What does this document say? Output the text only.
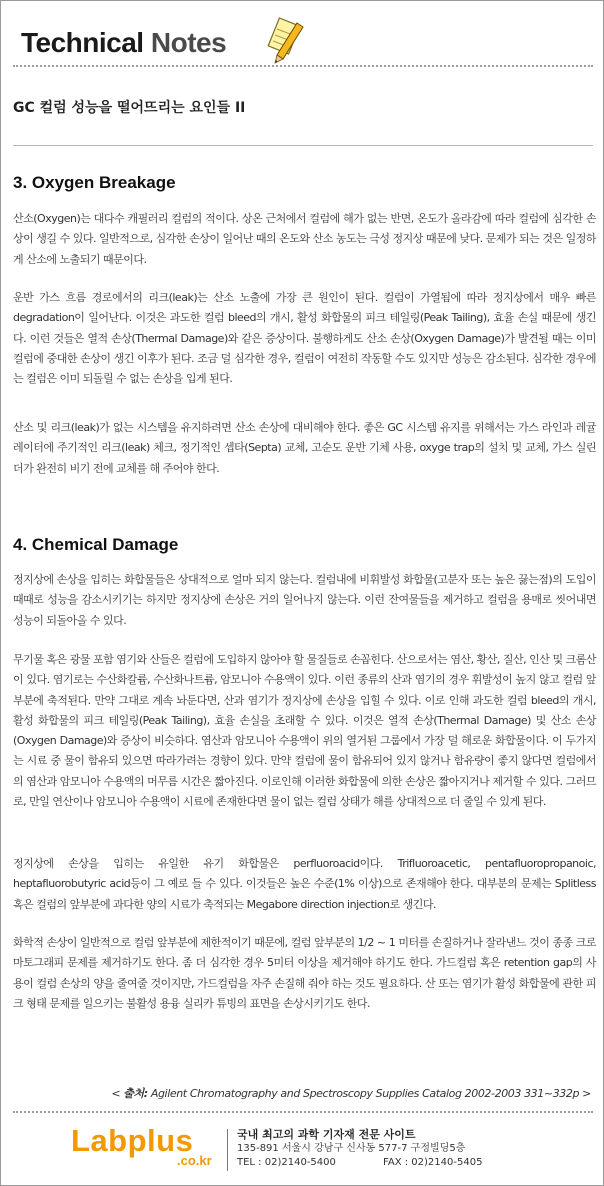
Technical Notes
GC 컬럼 성능을 떨어뜨리는 요인들 II
3. Oxygen Breakage

산소(Oxygen)는 대다수 캐필러리 컬럼의 적이다. 상온 근처에서 컬럼에 해가 없는 반면, 온도가 올라감에 따라 컬럼에 심각한 손상이 생길 수 있다. 일반적으로, 심각한 손상이 일어난 때의 온도와 산소 농도는 극성 정지상 때문에 낮다. 문제가 되는 것은 일정하게 산소에 노출되기 때문이다.

운반 가스 흐름 경로에서의 리크(leak)는 산소 노출에 가장 큰 원인이 된다. 컬럼이 가열됨에 따라 정지상에서 매우 빠른 degradation이 일어난다. 이것은 과도한 컬럼 bleed의 개시, 활성 화합물의 피크 테일링(Peak Tailing), 효율 손실 때문에 생긴다. 이런 것들은 열적 손상(Thermal Damage)와 같은 증상이다. 불행하게도 산소 손상(Oxygen Damage)가 발견될 때는 이미 컬럼에 중대한 손상이 생긴 이후가 된다. 조금 덜 심각한 경우, 컬럼이 여전히 작동할 수도 있지만 성능은 감소된다. 심각한 경우에는 컬럼은 이미 되돌릴 수 없는 손상을 입게 된다.

산소 및 리크(leak)가 없는 시스템을 유지하려면 산소 손상에 대비해야 한다. 좋은 GC 시스템 유지를 위해서는 가스 라인과 레귤레이터에 주기적인 리크(leak) 체크, 정기적인 셉타(Septa) 교체, 고순도 운반 기체 사용, oxyge trap의 설치 및 교체, 가스 실린더가 완전히 비기 전에 교체를 해 주어야 한다.

4. Chemical Damage

정지상에 손상을 입히는 화합물들은 상대적으로 얼마 되지 않는다. 컬럼내에 비휘발성 화합물(고분자 또는 높은 끓는점)의 도입이 때때로 성능을 감소시키기는 하지만 정지상에 손상은 거의 일어나지 않는다. 이런 잔여물들을 제거하고 컬럼을 용매로 씻어내면 성능이 되돌아올 수 있다.

무기물 혹은 광물 포함 염기와 산들은 컬럼에 도입하지 않아야 할 물질들로 손꼽힌다. 산으로서는 염산, 황산, 질산, 인산 및 크롬산이 있다. 염기로는 수산화칼륨, 수산화나트륨, 암모니아 수용액이 있다. 이런 종류의 산과 염기의 경우 휘발성이 높지 않고 컬럼 앞부분에 축적된다. 만약 그대로 계속 놔둔다면, 산과 염기가 정지상에 손상을 입힐 수 있다. 이로 인해 과도한 컬럼 bleed의 개시, 활성 화합물의 피크 테일링(Peak Tailing), 효율 손실을 초래할 수 있다. 이것은 열적 손상(Thermal Damage) 및 산소 손상(Oxygen Damage)와 증상이 비슷하다. 염산과 암모니아 수용액이 위의 열거된 그룹에서 가장 덜 해로운 화합물이다. 이 두가지는 시료 중 물이 함유되 있으면 따라가려는 경향이 있다. 만약 컬럼에 물이 함유되어 있지 않거나 함유량이 좋지 않다면 컬럼에서의 염산과 암모니아 수용액의 머무름 시간은 짧아진다. 이로인해 이러한 화합물에 의한 손상은 짧아지거나 제거할 수 있다. 그러므로, 만일 연산이나 암모니아 수용액이 시료에 존재한다면 물이 없는 컬럼 상태가 해를 상대적으로 더 줄일 수 있게 된다.

정지상에 손상을 입히는 유일한 유기 화합물은 perfluoroacid이다. Trifluoroacetic, pentafluoropropanoic, heptafluorobutyric acid등이 그 예로 들 수 있다. 이것들은 높은 수준(1% 이상)으로 존재해야 한다. 대부분의 문제는 Splitless 혹은 컬럼의 앞부분에 과다한 양의 시료가 축적되는 Megabore direction injection로 생긴다.

화학적 손상이 일반적으로 컬럼 앞부분에 제한적이기 때문에, 컬럼 앞부분의 1/2 ~ 1 미터를 손질하거나 잘라낸느 것이 종종 크로마토그래피 문제를 제거하기도 한다. 좀 더 심각한 경우 5미터 이상을 제거해야 하기도 한다. 가드컬럼 혹은 retention gap의 사용이 컬럼 손상의 양을 줄여줄 것이지만, 가드컬럼을 자주 손질해 줘야 하는 것도 필요하다. 산 또는 염기가 활성 화합물에 관한 피크 형태 문제를 일으키는 불활성 용융 실리카 튜빙의 표면을 손상시키기도 한다.

< 출처: Agilent Chromatography and Spectroscopy Supplies Catalog 2002-2003 331~332p >
Labplus
.co.kr
국내 최고의 과학 기자재 전문 사이트
135-891 서울시 강남구 신사동 577-7 구정빌딩5층
TEL : 02)2140-5400	FAX : 02)2140-5405
